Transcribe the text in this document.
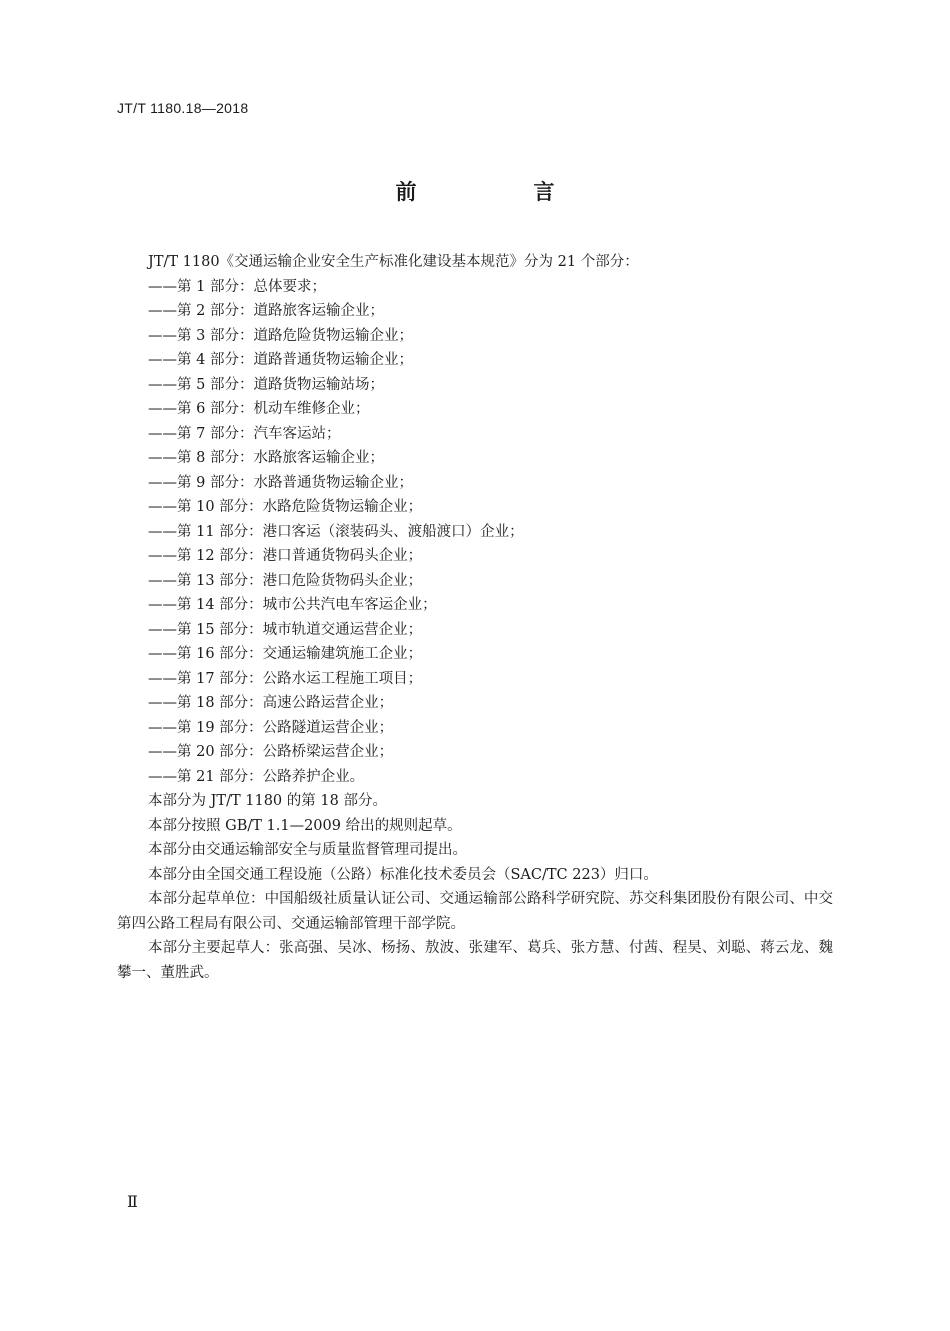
JT/T 1180.18—2018
前　言

JT/T 1180《交通运输企业安全生产标准化建设基本规范》分为 21 个部分：

——第 1 部分：总体要求；
——第 2 部分：道路旅客运输企业；
——第 3 部分：道路危险货物运输企业；
——第 4 部分：道路普通货物运输企业；
——第 5 部分：道路货物运输站场；
——第 6 部分：机动车维修企业；
——第 7 部分：汽车客运站；
——第 8 部分：水路旅客运输企业；
——第 9 部分：水路普通货物运输企业；
——第 10 部分：水路危险货物运输企业；
——第 11 部分：港口客运（滚装码头、渡船渡口）企业；
——第 12 部分：港口普通货物码头企业；
——第 13 部分：港口危险货物码头企业；
——第 14 部分：城市公共汽电车客运企业；
——第 15 部分：城市轨道交通运营企业；
——第 16 部分：交通运输建筑施工企业；
——第 17 部分：公路水运工程施工项目；
——第 18 部分：高速公路运营企业；
——第 19 部分：公路隧道运营企业；
——第 20 部分：公路桥梁运营企业；
——第 21 部分：公路养护企业。

本部分为 JT/T 1180 的第 18 部分。

本部分按照 GB/T 1.1—2009 给出的规则起草。

本部分由交通运输部安全与质量监督管理司提出。

本部分由全国交通工程设施（公路）标准化技术委员会（SAC/TC 223）归口。

本部分起草单位：中国船级社质量认证公司、交通运输部公路科学研究院、苏交科集团股份有限公司、中交第四公路工程局有限公司、交通运输部管理干部学院。

本部分主要起草人：张高强、吴冰、杨扬、敖波、张建军、葛兵、张方慧、付茜、程昊、刘聪、蒋云龙、魏攀一、董胜武。

Ⅱ
